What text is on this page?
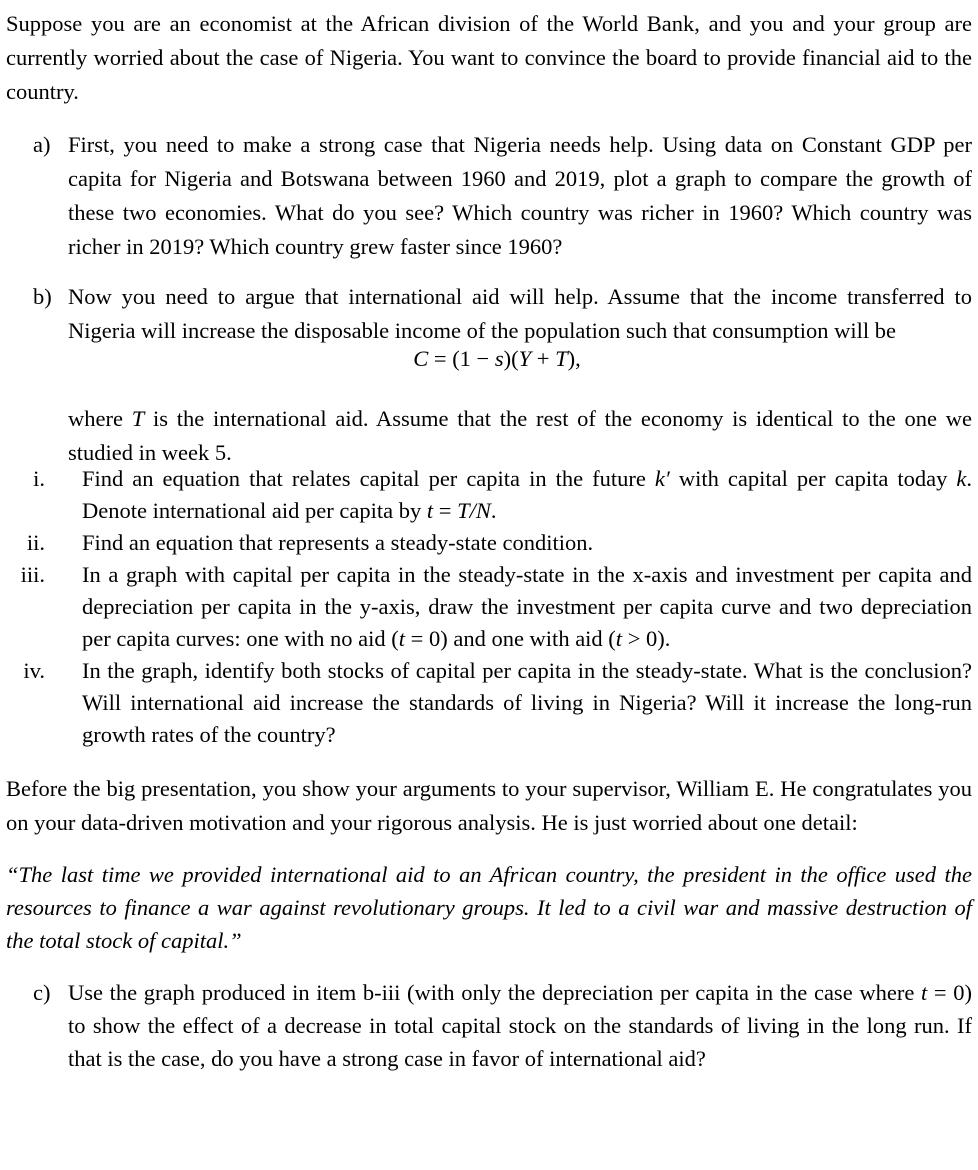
Suppose you are an economist at the African division of the World Bank, and you and your group are currently worried about the case of Nigeria. You want to convince the board to provide financial aid to the country.

a) First, you need to make a strong case that Nigeria needs help. Using data on Constant GDP per capita for Nigeria and Botswana between 1960 and 2019, plot a graph to compare the growth of these two economies. What do you see? Which country was richer in 1960? Which country was richer in 2019? Which country grew faster since 1960?

b) Now you need to argue that international aid will help. Assume that the income transferred to Nigeria will increase the disposable income of the population such that consumption will be

C = (1 − s)(Y + T),

where T is the international aid. Assume that the rest of the economy is identical to the one we studied in week 5.

i. Find an equation that relates capital per capita in the future k′ with capital per capita today k. Denote international aid per capita by t = T/N.
ii. Find an equation that represents a steady-state condition.
iii. In a graph with capital per capita in the steady-state in the x-axis and investment per capita and depreciation per capita in the y-axis, draw the investment per capita curve and two depreciation per capita curves: one with no aid (t = 0) and one with aid (t > 0).
iv. In the graph, identify both stocks of capital per capita in the steady-state. What is the conclusion? Will international aid increase the standards of living in Nigeria? Will it increase the long-run growth rates of the country?

Before the big presentation, you show your arguments to your supervisor, William E. He congratulates you on your data-driven motivation and your rigorous analysis. He is just worried about one detail:

“The last time we provided international aid to an African country, the president in the office used the resources to finance a war against revolutionary groups. It led to a civil war and massive destruction of the total stock of capital.”

c) Use the graph produced in item b-iii (with only the depreciation per capita in the case where t = 0) to show the effect of a decrease in total capital stock on the standards of living in the long run. If that is the case, do you have a strong case in favor of international aid?
